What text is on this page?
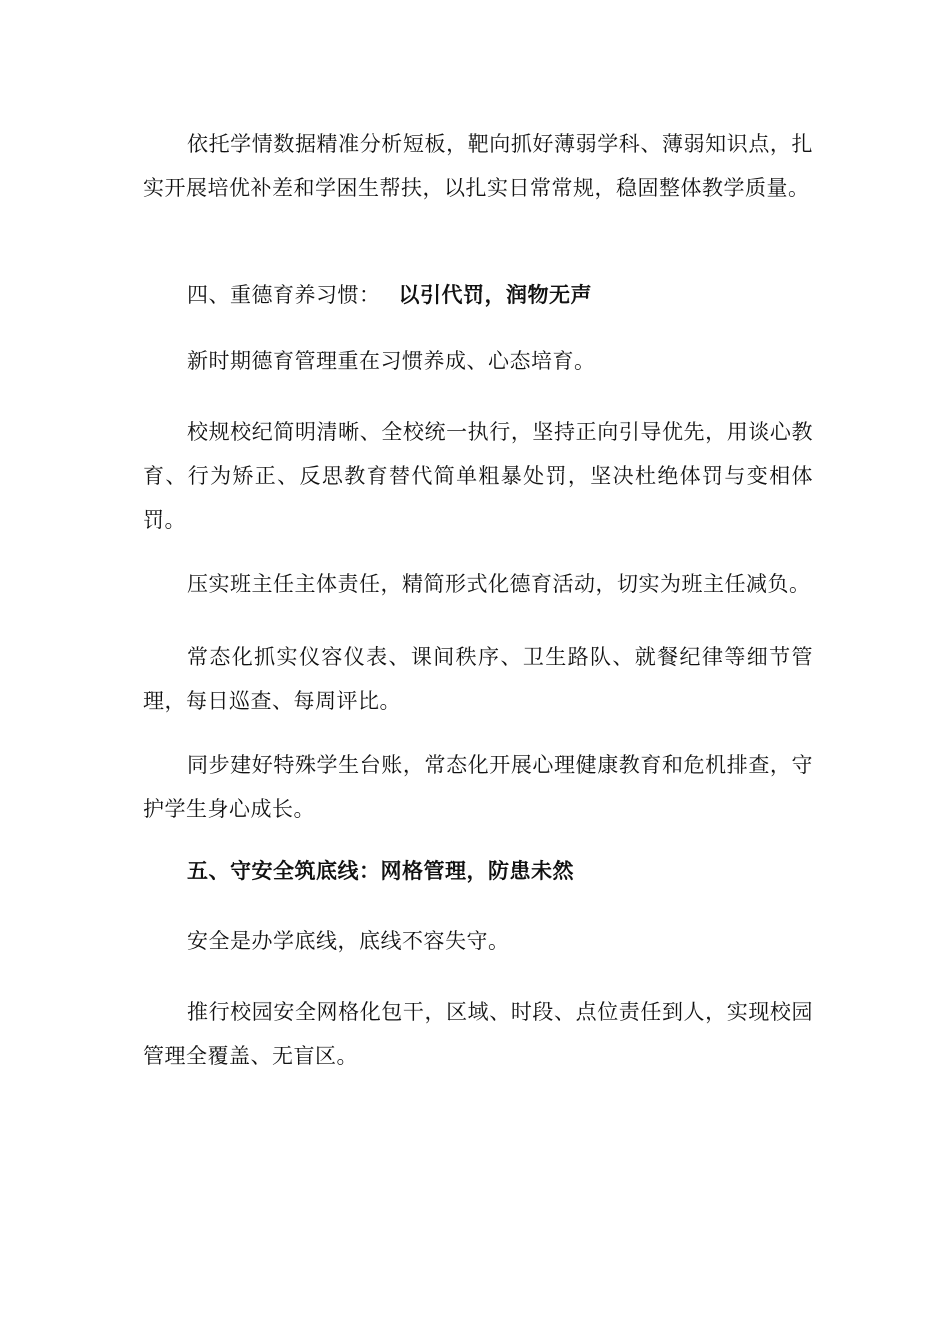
依托学情数据精准分析短板，靶向抓好薄弱学科、薄弱知识点，扎实开展培优补差和学困生帮扶，以扎实日常常规，稳固整体教学质量。

四、重德育养习惯： 以引代罚，润物无声

新时期德育管理重在习惯养成、心态培育。

校规校纪简明清晰、全校统一执行，坚持正向引导优先，用谈心教育、行为矫正、反思教育替代简单粗暴处罚，坚决杜绝体罚与变相体罚。

压实班主任主体责任，精简形式化德育活动，切实为班主任减负。

常态化抓实仪容仪表、课间秩序、卫生路队、就餐纪律等细节管理，每日巡查、每周评比。

同步建好特殊学生台账，常态化开展心理健康教育和危机排查，守护学生身心成长。

五、守安全筑底线：网格管理，防患未然

安全是办学底线，底线不容失守。

推行校园安全网格化包干，区域、时段、点位责任到人，实现校园管理全覆盖、无盲区。
